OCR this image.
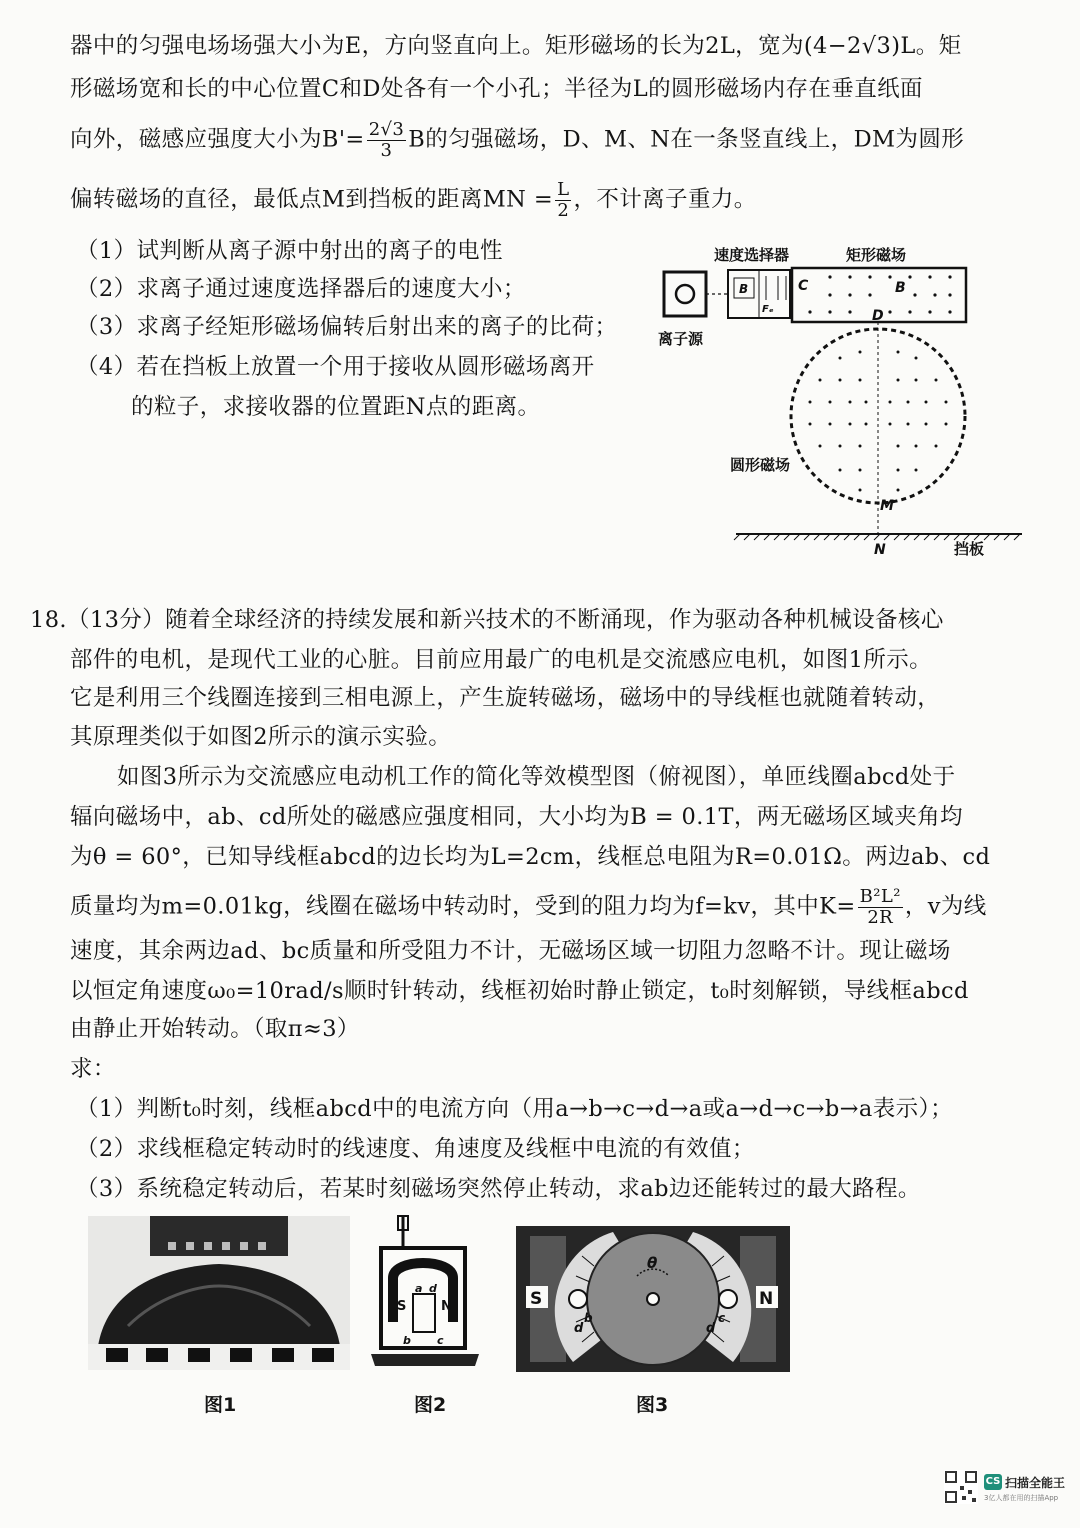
器中的匀强电场场强大小为E，方向竖直向上。矩形磁场的长为2L，宽为(4−2√3)L。矩
形磁场宽和长的中心位置C和D处各有一个小孔；半径为L的圆形磁场内存在垂直纸面
向外，磁感应强度大小为$B'= \frac{2√3}{3}$ B的匀强磁场，D、M、N在一条竖直线上，DM为圆形
偏转磁场的直径，最低点M到挡板的距离MN = $\frac{L}{2}$ ，不计离子重力。
（1）试判断从离子源中射出的离子的电性
（2）求离子通过速度选择器后的速度大小；
（3）求离子经矩形磁场偏转后射出来的离子的比荷；
（4）若在挡板上放置一个用于接收从圆形磁场离开
的粒子，求接收器的位置距N点的距离。
速度选择器	矩形磁场
离子源
B
Fₑ
C	B
D
圆形磁场
M
N	挡板
18.（13分）随着全球经济的持续发展和新兴技术的不断涌现，作为驱动各种机械设备核心
部件的电机，是现代工业的心脏。目前应用最广的电机是交流感应电机，如图1所示。
它是利用三个线圈连接到三相电源上，产生旋转磁场，磁场中的导线框也就随着转动，
其原理类似于如图2所示的演示实验。
如图3所示为交流感应电动机工作的简化等效模型图（俯视图），单匝线圈abcd处于
辐向磁场中，ab、cd所处的磁感应强度相同，大小均为B = 0.1T，两无磁场区域夹角均
为θ = 60°，已知导线框abcd的边长均为L=2cm，线框总电阻为R=0.01Ω。两边ab、cd
质量均为m=0.01kg，线圈在磁场中转动时，受到的阻力均为f=kv，其中$K= \frac{\text{B²L²}}{2R}$ ，v为线
速度，其余两边ad、bc质量和所受阻力不计，无磁场区域一切阻力忽略不计。现让磁场
以恒定角速度ω₀=10rad/s顺时针转动，线框初始时静止锁定，t₀时刻解锁，导线框abcd
由静止开始转动。（取π≈3）
求：
（1）判断t₀时刻，线框abcd中的电流方向（用a→b→c→d→a或a→d→c→b→a表示）；
（2）求线框稳定转动时的线速度、角速度及线框中电流的有效值；
（3）系统稳定转动后，若某时刻磁场突然停止转动，求ab边还能转过的最大路程。
图1
S	N
a d
b c
图2
S	N
θ
d
b
d
c
图3
CS 扫描全能王
3亿人都在用的扫描App
